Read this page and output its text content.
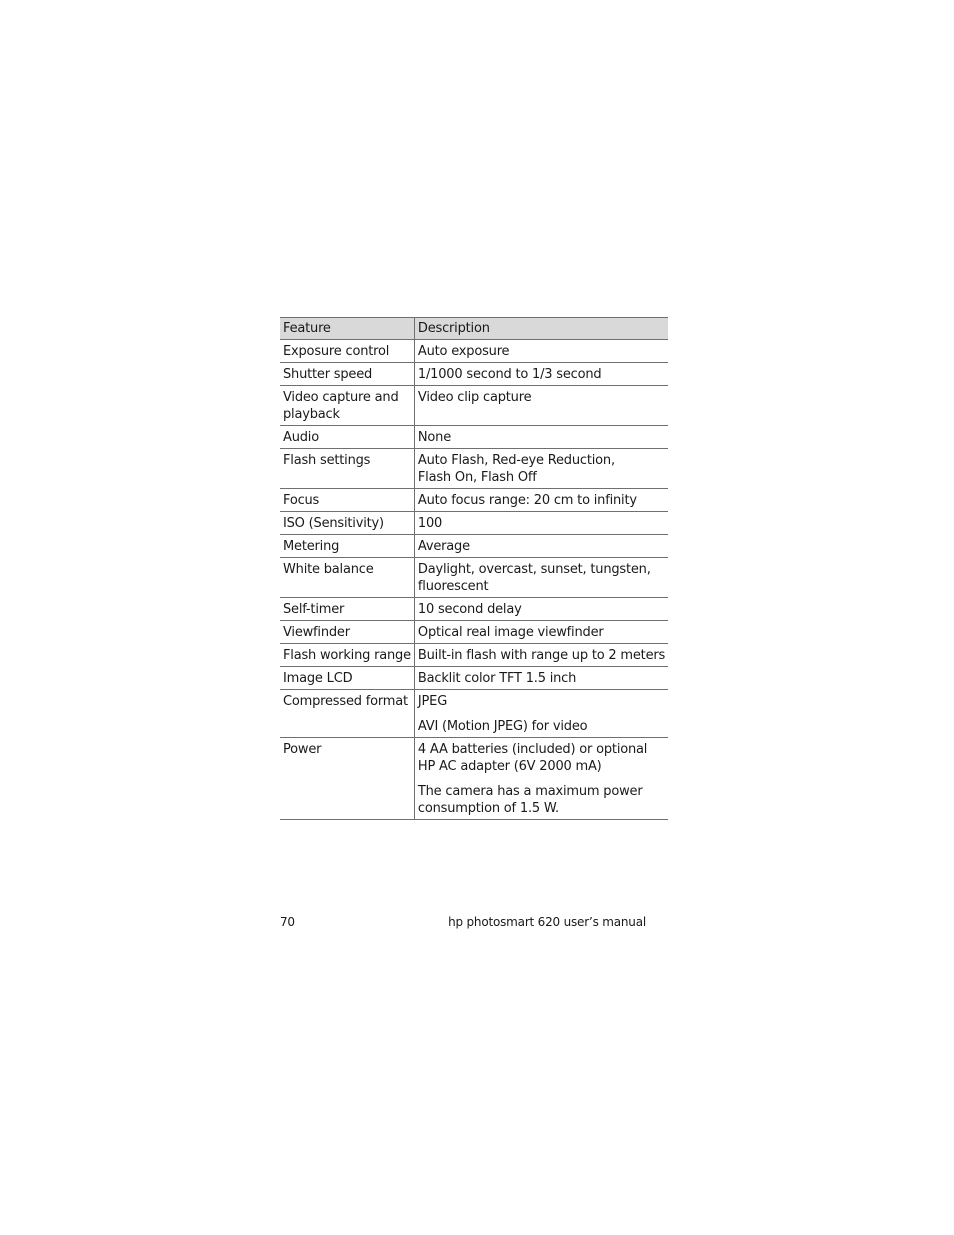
Feature	Description

Exposure control	Auto exposure

Shutter speed	1/1000 second to 1/3 second

Video capture and
playback	Video clip capture

Audio	None

Flash settings	Auto Flash, Red-eye Reduction,
Flash On, Flash Off

Focus	Auto focus range: 20 cm to infinity

ISO (Sensitivity)	100

Metering	Average

White balance	Daylight, overcast, sunset, tungsten,
fluorescent

Self-timer	10 second delay

Viewfinder	Optical real image viewfinder

Flash working range	Built-in flash with range up to 2 meters

Image LCD	Backlit color TFT 1.5 inch

Compressed format	JPEG
AVI (Motion JPEG) for video

Power	4 AA batteries (included) or optional
HP AC adapter (6V 2000 mA)
The camera has a maximum power
consumption of 1.5 W.
70	hp photosmart 620 user’s manual
